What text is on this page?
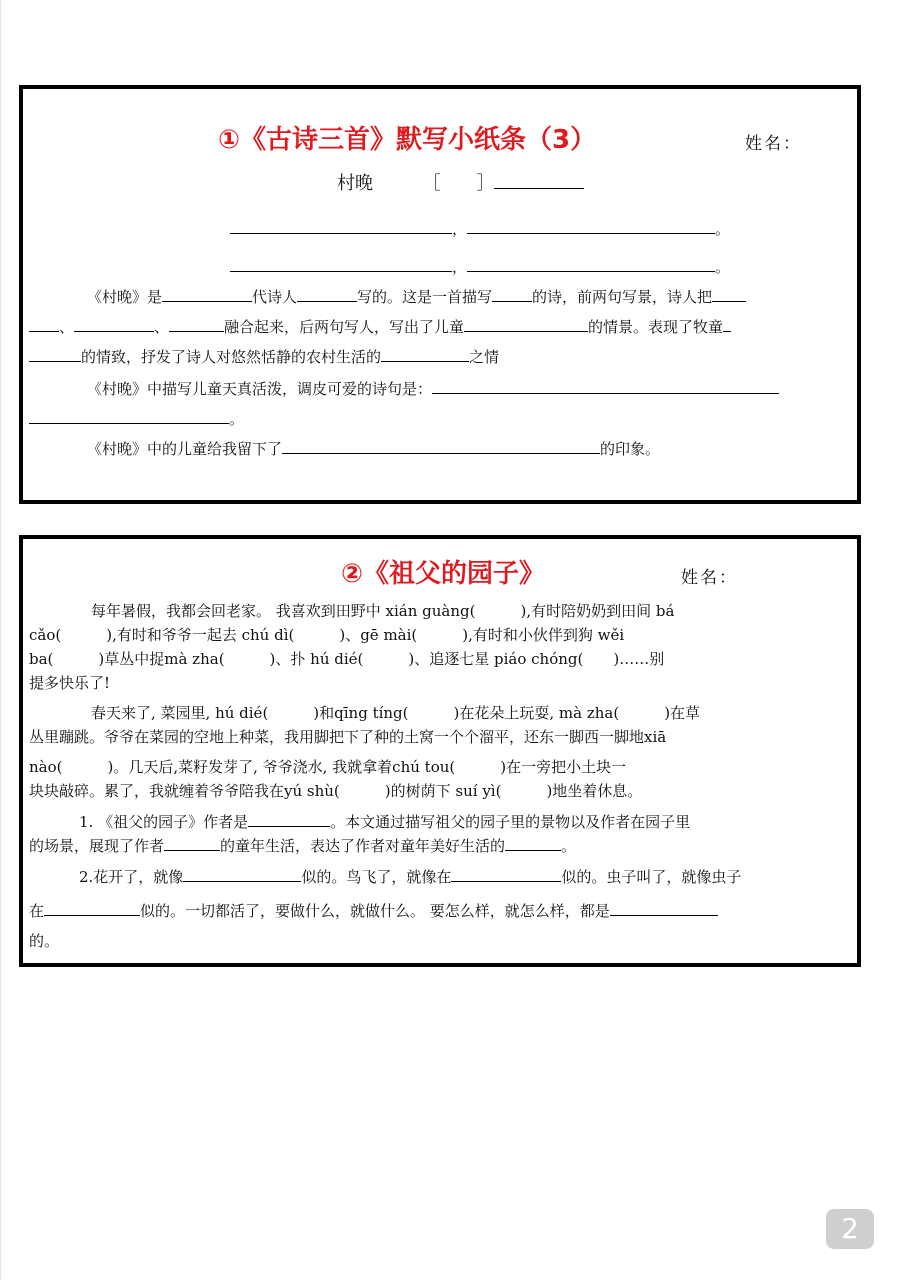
①《古诗三首》默写小纸条（3）	姓名：
村晚	［　　］
，	。
，	。
《村晚》是	代诗人	写的。这是一首描写	的诗，前两句写景，诗人把
、	、	融合起来，后两句写人，写出了儿童	的情景。表现了牧童
的情致，抒发了诗人对悠然恬静的农村生活的	之情
《村晚》中描写儿童天真活泼，调皮可爱的诗句是：
。
《村晚》中的儿童给我留下了	的印象。
②《祖父的园子》	姓名：
每年暑假，我都会回老家。 我喜欢到田野中 xián guàng(　　　),有时陪奶奶到田间 bá
cǎo(　　　),有时和爷爷一起去 chú dì(　　　)、gē mài(　　　),有时和小伙伴到狗 wěi
ba(　　　)草丛中捉mà zha(　　　)、扑 hú dié(　　　)、追逐七星 piáo chóng(　　)……别
提多快乐了!
春天来了, 菜园里, hú dié(　　　)和qīng tíng(　　　)在花朵上玩耍, mà zha(　　　)在草
丛里蹦跳。爷爷在菜园的空地上种菜，我用脚把下了种的土窝一个个溜平，还东一脚西一脚地xiā
nào(　　　)。几天后,菜籽发芽了, 爷爷浇水, 我就拿着chú tou(　　　)在一旁把小土块一
块块敲碎。累了，我就缠着爷爷陪我在yú shù(　　　)的树荫下 suí yì(　　　)地坐着休息。
1. 《祖父的园子》作者是	。本文通过描写祖父的园子里的景物以及作者在园子里
的场景，展现了作者	的童年生活，表达了作者对童年美好生活的	。
2.花开了，就像	似的。鸟飞了，就像在	似的。虫子叫了，就像虫子
在	似的。一切都活了，要做什么，就做什么。 要怎么样，就怎么样，都是
的。
2
